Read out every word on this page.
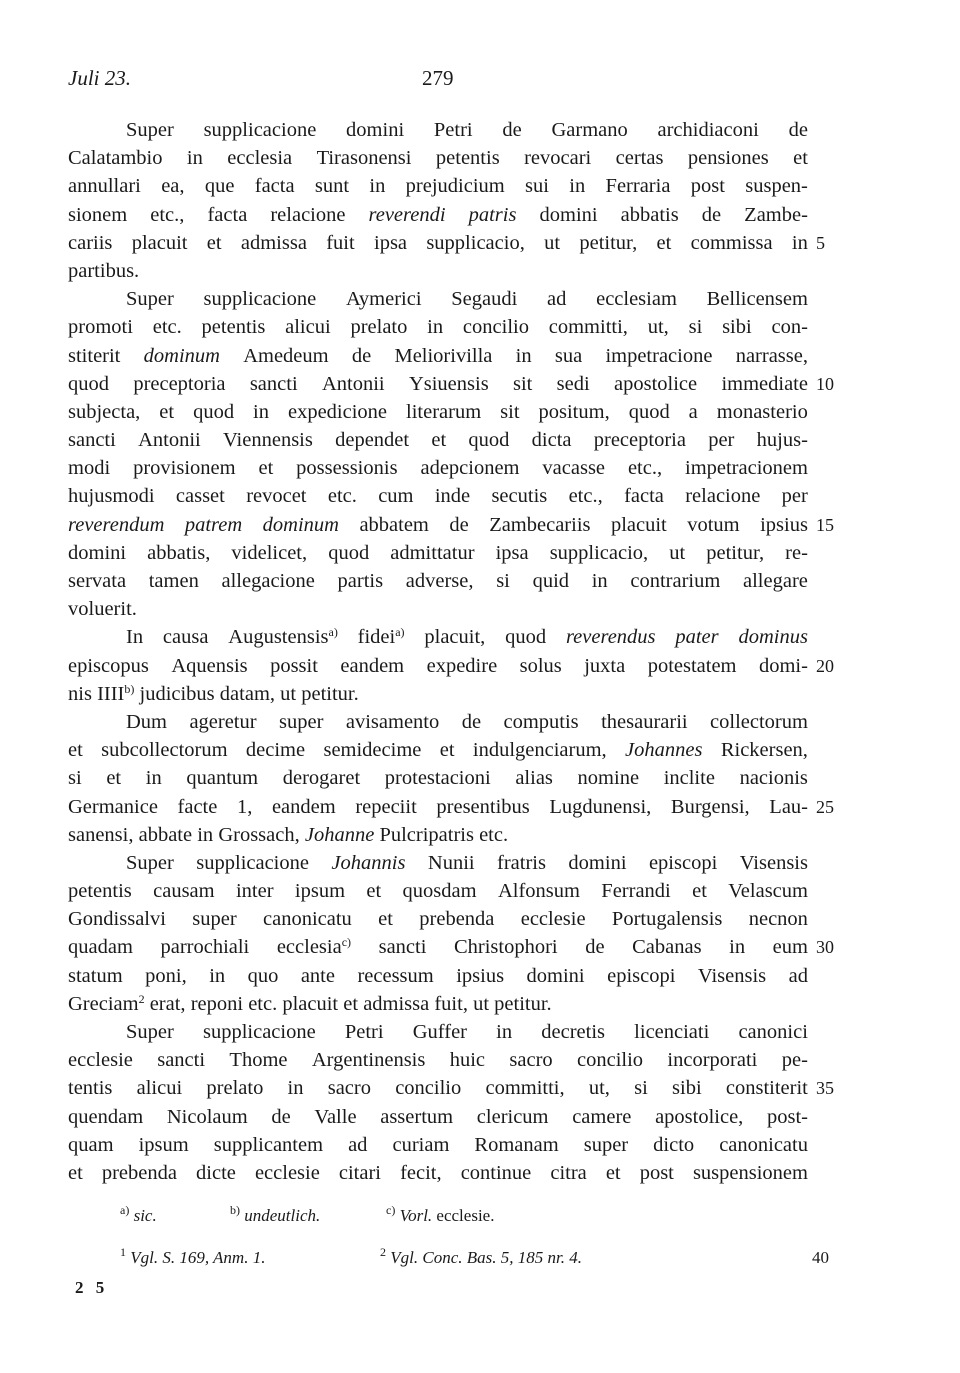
Juli 23.	279
Super supplicacione domini Petri de Garmano archidiaconi de
Calatambio in ecclesia Tirasonensi petentis revocari certas pensiones et
annullari ea, que facta sunt in prejudicium sui in Ferraria post suspen-
sionem etc., facta relacione reverendi patris domini abbatis de Zambe-
cariis placuit et admissa fuit ipsa supplicacio, ut petitur, et commissa in 5
partibus.
Super supplicacione Aymerici Segaudi ad ecclesiam Bellicensem
promoti etc. petentis alicui prelato in concilio committi, ut, si sibi con-
stiterit dominum Amedeum de Meliorivilla in sua impetracione narrasse,
quod preceptoria sancti Antonii Ysiuensis sit sedi apostolice immediate 10
subjecta, et quod in expedicione literarum sit positum, quod a monasterio
sancti Antonii Viennensis dependet et quod dicta preceptoria per hujus-
modi provisionem et possessionis adepcionem vacasse etc., impetracionem
hujusmodi casset revocet etc. cum inde secutis etc., facta relacione per
reverendum patrem dominum abbatem de Zambecariis placuit votum ipsius 15
domini abbatis, videlicet, quod admittatur ipsa supplicacio, ut petitur, re-
servata tamen allegacione partis adverse, si quid in contrarium allegare
voluerit.
In causa Augustensis$^{a)}$ fidei$^{a)}$ placuit, quod reverendus pater dominus
episcopus Aquensis possit eandem expedire solus juxta potestatem domi- 20
nis
IIII$^{b)}$
judicibus
datam,
ut
petitur.
Dum ageretur super avisamento de computis thesaurarii collectorum
et subcollectorum decime semidecime et indulgenciarum, Johannes Rickersen,
si et in quantum derogaret protestacioni alias nomine inclite nacionis
Germanice facte 1, eandem repeciit presentibus Lugdunensi, Burgensi, Lau- 25
sanensi,
abbate
in
Grossach,
Johanne
Pulcripatris
etc.
Super supplicacione Johannis Nunii fratris domini episcopi Visensis
petentis causam inter ipsum et quosdam Alfonsum Ferrandi et Velascum
Gondissalvi super canonicatu et prebenda ecclesie Portugalensis necnon
quadam parrochiali ecclesia$^{c)}$ sancti Christophori de Cabanas in eum 30
statum poni, in quo ante recessum ipsius domini episcopi Visensis ad
Greciam$^2$
erat,
reponi
etc.
placuit
et
admissa
fuit,
ut
petitur.
Super supplicacione Petri Guffer in decretis licenciati canonici
ecclesie sancti Thome Argentinensis huic sacro concilio incorporati pe-
tentis alicui prelato in sacro concilio committi, ut, si sibi constiterit 35
quendam Nicolaum de Valle assertum clericum camere apostolice, post-
quam ipsum supplicantem ad curiam Romanam super dicto canonicatu
et prebenda dicte ecclesie citari fecit, continue citra et post suspensionem
$^{a)}$ sic.	$^{b)}$ undeutlich.	$^{c)}$ Vorl. ecclesie.
$^1$ Vgl. S. 169, Anm. 1.	$^2$ Vgl. Conc. Bas. 5, 185 nr. 4.	40
2 5
